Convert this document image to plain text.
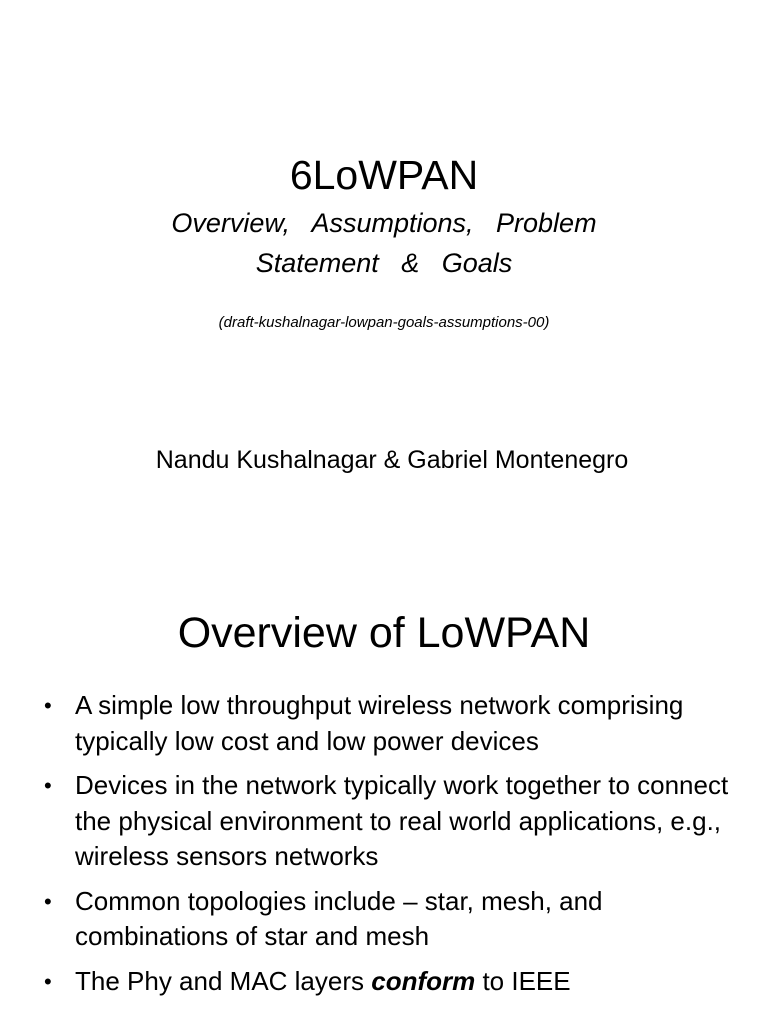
6LoWPAN
Overview,   Assumptions,   Problem
Statement   &   Goals
(draft-kushalnagar-lowpan-goals-assumptions-00)
Nandu Kushalnagar & Gabriel Montenegro
Overview of LoWPAN
• A simple low throughput wireless network comprising typically low cost and low power devices
• Devices in the network typically work together to connect the physical environment to real world applications, e.g., wireless sensors networks
• Common topologies include – star, mesh, and combinations of star and mesh
• The Phy and MAC layers conform to IEEE
